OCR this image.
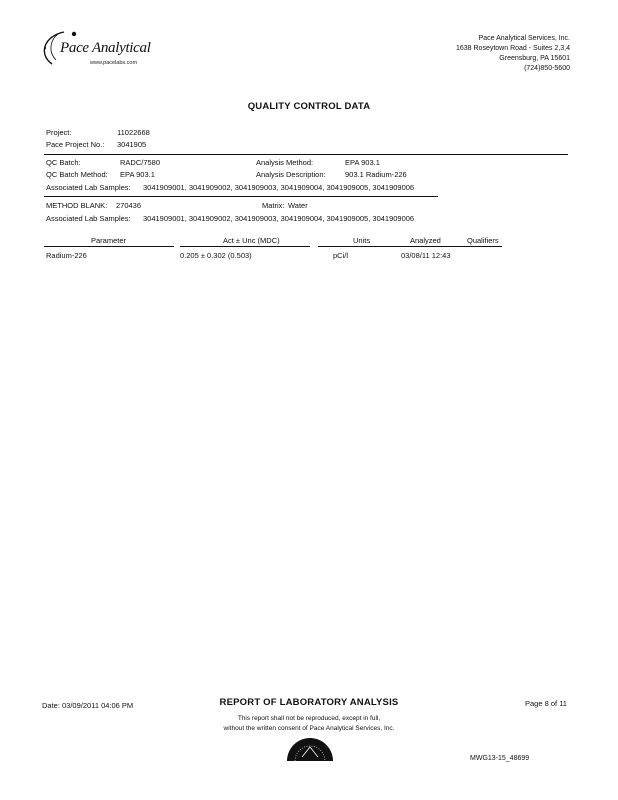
Pace Analytical
www.pacelabs.com
Pace Analytical Services, Inc.
1638 Roseytown Road - Suites 2,3,4
Greensburg, PA 15601
(724)850-5600
QUALITY CONTROL DATA
Project:	11022668
Pace Project No.: 3041905
QC Batch:	RADC/7580	Analysis Method:	EPA 903.1
QC Batch Method: EPA 903.1	Analysis Description:	903.1 Radium-226
Associated Lab Samples: 3041909001, 3041909002, 3041909003, 3041909004, 3041909005, 3041909006
METHOD BLANK: 270436	Matrix: Water
Associated Lab Samples: 3041909001, 3041909002, 3041909003, 3041909004, 3041909005, 3041909006
Parameter	Act ± Unc (MDC)	Units	Analyzed	Qualifiers
Radium-226	0.205 ± 0.302 (0.503)	pCi/l	03/08/11 12:43
Date: 03/09/2011 04:06 PM	REPORT OF LABORATORY ANALYSIS	Page 8 of 11
This report shall not be reproduced, except in full,
without the written consent of Pace Analytical Services, Inc.
MWG13-15_48699
